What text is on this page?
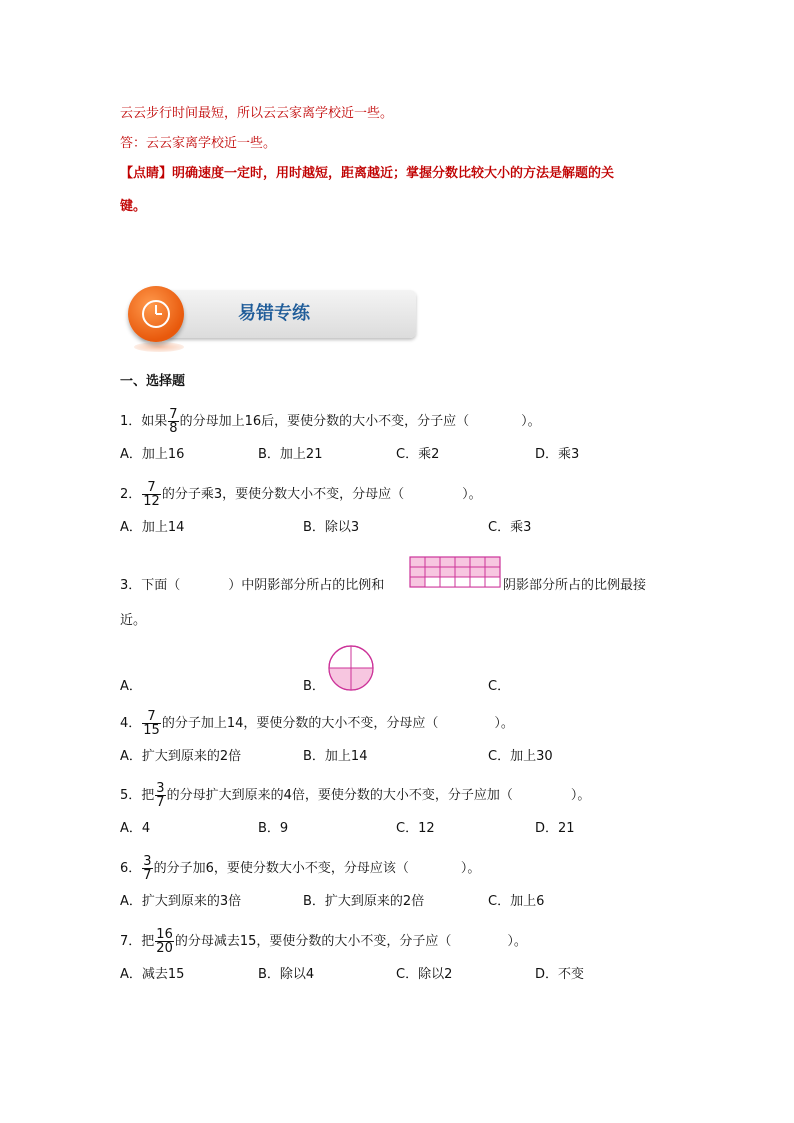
云云步行时间最短，所以云云家离学校近一些。
答：云云家离学校近一些。
【点睛】明确速度一定时，用时越短，距离越近；掌握分数比较大小的方法是解题的关
键。
易错专练
一、选择题
1．如果 $\frac{7}{8}$ 的分母加上16后，要使分数的大小不变，分子应（	）。
A．加上16	B．加上21	C．乘2	D．乘3
2． $\frac{7}{12}$ 的分子乘3，要使分数大小不变，分母应（	）。
A．加上14	B．除以3	C．乘3
3．下面（	）中阴影部分所占的比例和	阴影部分所占的比例最接
近。
A．	B．	C．
4． $\frac{7}{15}$ 的分子加上14，要使分数的大小不变，分母应（	）。
A．扩大到原来的2倍	B．加上14	C．加上30
5．把 $\frac{3}{7}$ 的分母扩大到原来的4倍，要使分数的大小不变，分子应加（	）。
A．4	B．9	C．12	D．21
6． $\frac{3}{7}$ 的分子加6，要使分数大小不变，分母应该（	）。
A．扩大到原来的3倍	B．扩大到原来的2倍	C．加上6
7．把 $\frac{16}{20}$ 的分母减去15，要使分数的大小不变，分子应（	）。
A．减去15	B．除以4	C．除以2	D．不变
